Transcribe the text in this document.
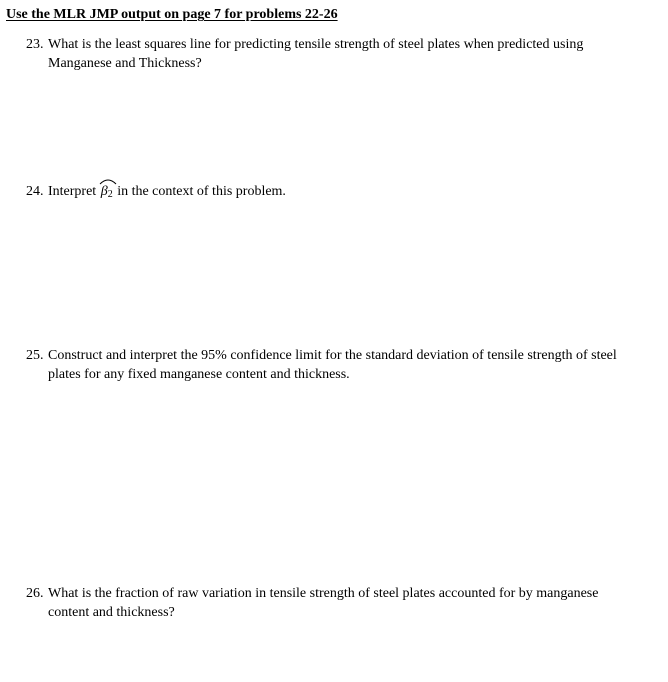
Use the MLR JMP output on page 7 for problems 22-26
23. What is the least squares line for predicting tensile strength of steel plates when predicted using
Manganese and Thickness?
24. Interpret $\beta_2$ in the context of this problem.
25. Construct and interpret the 95% confidence limit for the standard deviation of tensile strength of steel
plates for any fixed manganese content and thickness.
26. What is the fraction of raw variation in tensile strength of steel plates accounted for by manganese
content and thickness?
